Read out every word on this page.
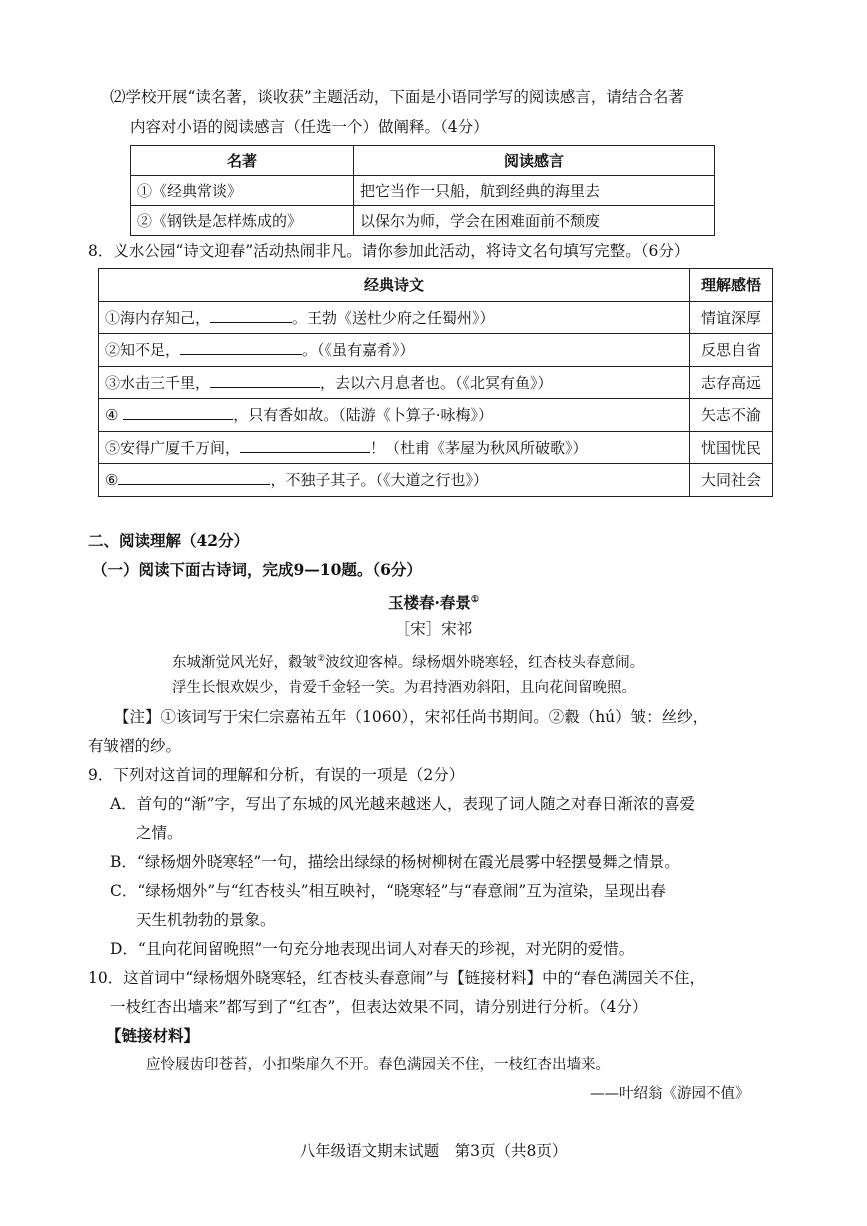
⑵学校开展“读名著，谈收获”主题活动，下面是小语同学写的阅读感言，请结合名著
内容对小语的阅读感言（任选一个）做阐释。（4分）
名著	阅读感言
①《经典常谈》	把它当作一只船，航到经典的海里去
②《钢铁是怎样炼成的》	以保尔为师，学会在困难面前不颓废
8．义水公园“诗文迎春”活动热闹非凡。请你参加此活动，将诗文名句填写完整。（6分）
经典诗文	理解感悟
①海内存知己， 。王勃《送杜少府之任蜀州》）	情谊深厚
②知不足， 。（《虽有嘉肴》）	反思自省
③水击三千里， ，去以六月息者也。（《北冥有鱼》）	志存高远
④ ，只有香如故。（陆游《卜算子·咏梅》）	矢志不渝
⑤安得广厦千万间， ！（杜甫《茅屋为秋风所破歌》）	忧国忧民
⑥ ，不独子其子。（《大道之行也》）	大同社会
二、阅读理解（42分）
（一）阅读下面古诗词，完成9—10题。（6分）
玉楼春·春景①
［宋］宋祁
东城渐觉风光好，縠皱②波纹迎客棹。绿杨烟外晓寒轻，红杏枝头春意闹。
浮生长恨欢娱少，肯爱千金轻一笑。为君持酒劝斜阳，且向花间留晚照。
【注】①该词写于宋仁宗嘉祐五年（1060），宋祁任尚书期间。②縠（hú）皱：丝纱，
有皱褶的纱。
9．下列对这首词的理解和分析，有误的一项是（2分）
A．首句的“渐”字，写出了东城的风光越来越迷人，表现了词人随之对春日渐浓的喜爱
之情。
B．“绿杨烟外晓寒轻”一句，描绘出绿绿的杨树柳树在霞光晨雾中轻摆曼舞之情景。
C．“绿杨烟外”与“红杏枝头”相互映衬，“晓寒轻”与“春意闹”互为渲染，呈现出春
天生机勃勃的景象。
D．“且向花间留晚照”一句充分地表现出词人对春天的珍视，对光阴的爱惜。
10．这首词中“绿杨烟外晓寒轻，红杏枝头春意闹”与【链接材料】中的“春色满园关不住，
一枝红杏出墙来”都写到了“红杏”，但表达效果不同，请分别进行分析。（4分）
【链接材料】
应怜屐齿印苍苔，小扣柴扉久不开。春色满园关不住，一枝红杏出墙来。
——叶绍翁《游园不值》
八年级语文期末试题　第3页（共8页）
